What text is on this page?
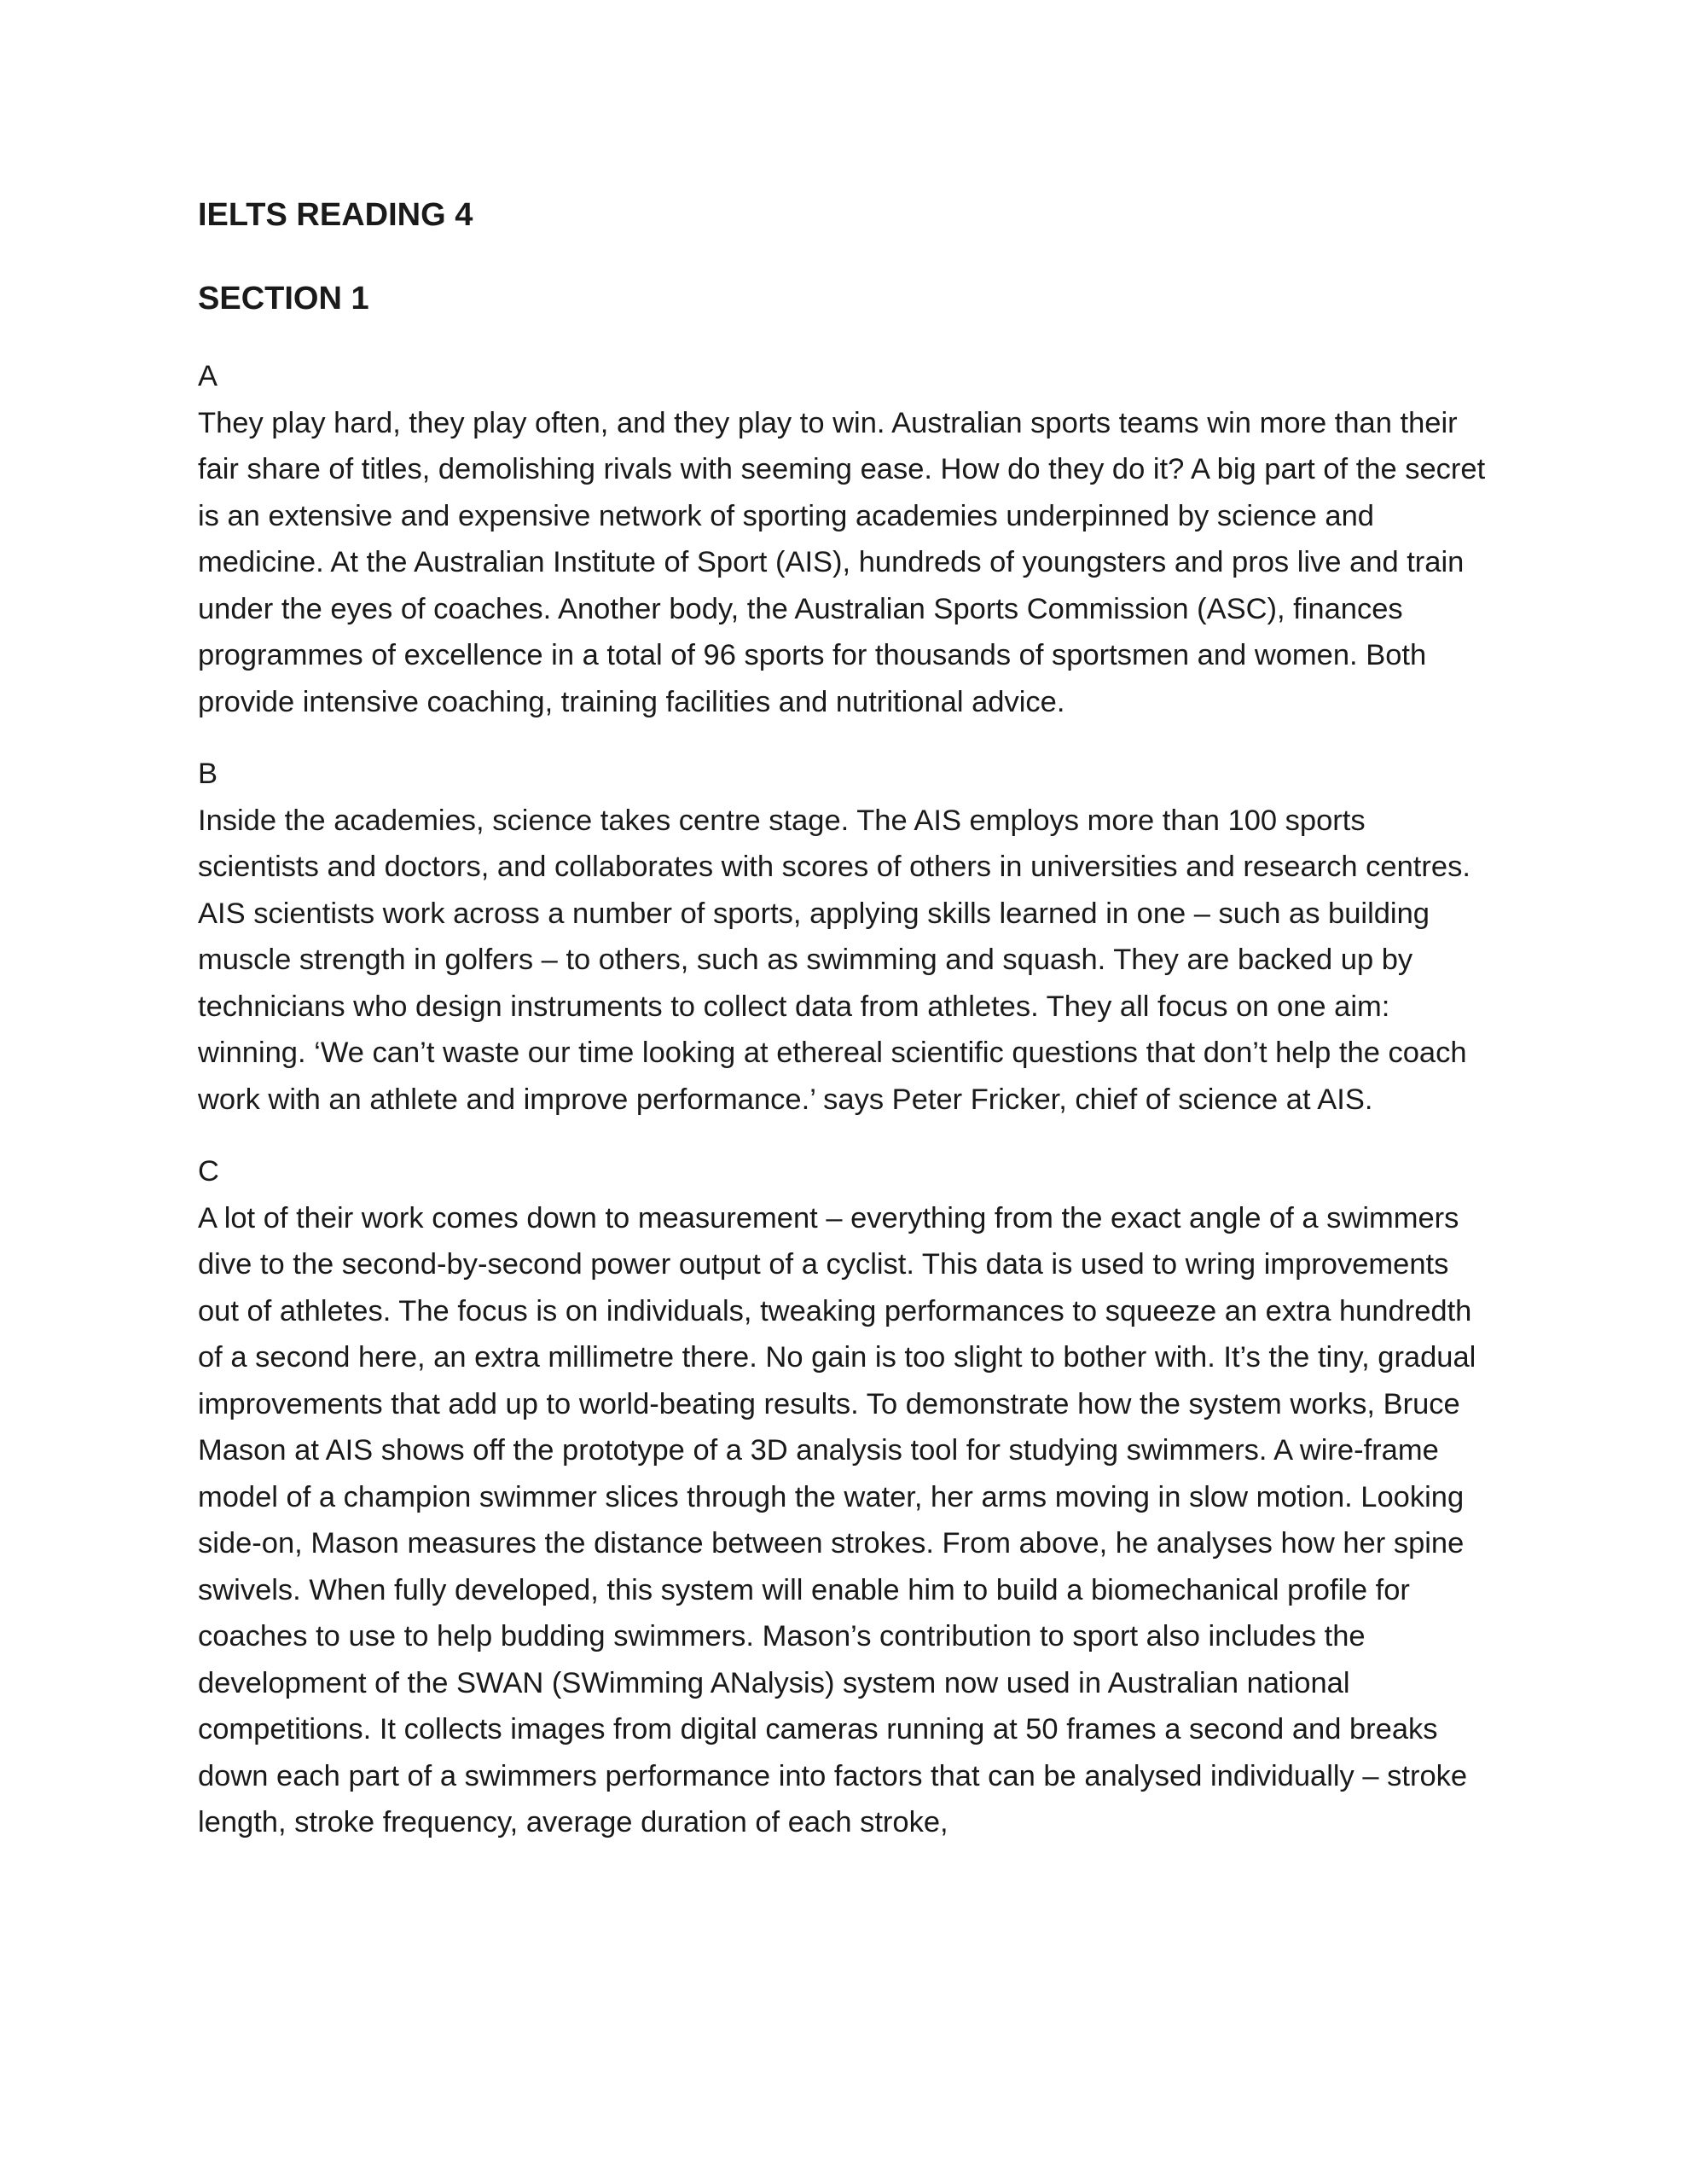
IELTS READING 4
SECTION 1
A
They play hard, they play often, and they play to win. Australian sports teams win more than their fair share of titles, demolishing rivals with seeming ease. How do they do it? A big part of the secret is an extensive and expensive network of sporting academies underpinned by science and medicine. At the Australian Institute of Sport (AIS), hundreds of youngsters and pros live and train under the eyes of coaches. Another body, the Australian Sports Commission (ASC), finances programmes of excellence in a total of 96 sports for thousands of sportsmen and women. Both provide intensive coaching, training facilities and nutritional advice.
B
Inside the academies, science takes centre stage. The AIS employs more than 100 sports scientists and doctors, and collaborates with scores of others in universities and research centres. AIS scientists work across a number of sports, applying skills learned in one – such as building muscle strength in golfers – to others, such as swimming and squash. They are backed up by technicians who design instruments to collect data from athletes. They all focus on one aim: winning. ‘We can’t waste our time looking at ethereal scientific questions that don’t help the coach work with an athlete and improve performance.’ says Peter Fricker, chief of science at AIS.
C
A lot of their work comes down to measurement – everything from the exact angle of a swimmers dive to the second-by-second power output of a cyclist. This data is used to wring improvements out of athletes. The focus is on individuals, tweaking performances to squeeze an extra hundredth of a second here, an extra millimetre there. No gain is too slight to bother with. It’s the tiny, gradual improvements that add up to world-beating results. To demonstrate how the system works, Bruce Mason at AIS shows off the prototype of a 3D analysis tool for studying swimmers. A wire-frame model of a champion swimmer slices through the water, her arms moving in slow motion. Looking side-on, Mason measures the distance between strokes. From above, he analyses how her spine swivels. When fully developed, this system will enable him to build a biomechanical profile for coaches to use to help budding swimmers. Mason’s contribution to sport also includes the development of the SWAN (SWimming ANalysis) system now used in Australian national competitions. It collects images from digital cameras running at 50 frames a second and breaks down each part of a swimmers performance into factors that can be analysed individually – stroke length, stroke frequency, average duration of each stroke,
